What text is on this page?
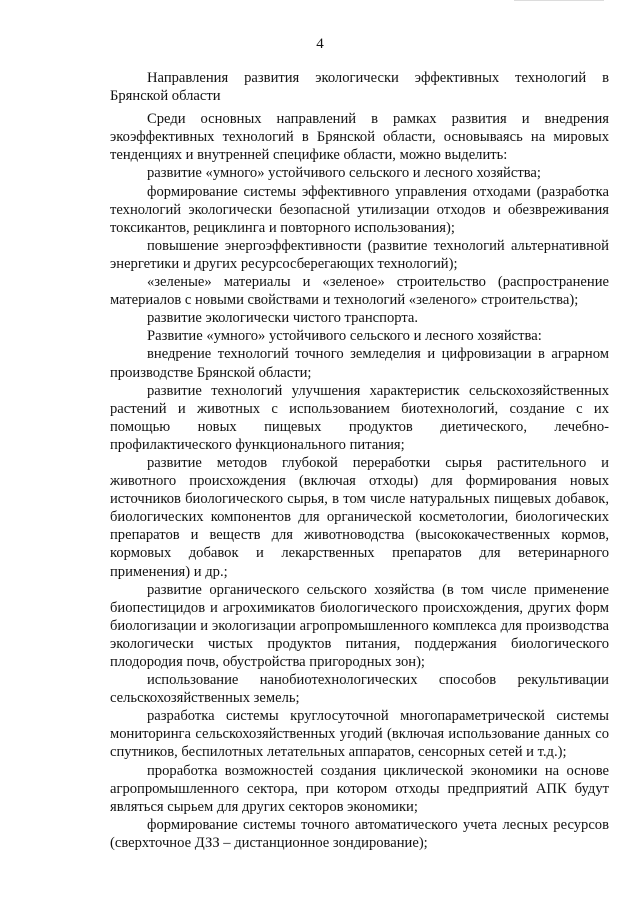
4

Направления развития экологически эффективных технологий в Брянской области

Среди основных направлений в рамках развития и внедрения экоэффективных технологий в Брянской области, основываясь на мировых тенденциях и внутренней специфике области, можно выделить:

развитие «умного» устойчивого сельского и лесного хозяйства;

формирование системы эффективного управления отходами (разработка технологий экологически безопасной утилизации отходов и обезвреживания токсикантов, рециклинга и повторного использования);

повышение энергоэффективности (развитие технологий альтернативной энергетики и других ресурсосберегающих технологий);

«зеленые» материалы и «зеленое» строительство (распространение материалов с новыми свойствами и технологий «зеленого» строительства);

развитие экологически чистого транспорта.

Развитие «умного» устойчивого сельского и лесного хозяйства:

внедрение технологий точного земледелия и цифровизации в аграрном производстве Брянской области;

развитие технологий улучшения характеристик сельскохозяйственных растений и животных с использованием биотехнологий, создание с их помощью новых пищевых продуктов диетического, лечебно-профилактического функционального питания;

развитие методов глубокой переработки сырья растительного и животного происхождения (включая отходы) для формирования новых источников биологического сырья, в том числе натуральных пищевых добавок, биологических компонентов для органической косметологии, биологических препаратов и веществ для животноводства (высококачественных кормов, кормовых добавок и лекарственных препаратов для ветеринарного применения) и др.;

развитие органического сельского хозяйства (в том числе применение биопестицидов и агрохимикатов биологического происхождения, других форм биологизации и экологизации агропромышленного комплекса для производства экологически чистых продуктов питания, поддержания биологического плодородия почв, обустройства пригородных зон);

использование нанобиотехнологических способов рекультивации сельскохозяйственных земель;

разработка системы круглосуточной многопараметрической системы мониторинга сельскохозяйственных угодий (включая использование данных со спутников, беспилотных летательных аппаратов, сенсорных сетей и т.д.);

проработка возможностей создания циклической экономики на основе агропромышленного сектора, при котором отходы предприятий АПК будут являться сырьем для других секторов экономики;

формирование системы точного автоматического учета лесных ресурсов (сверхточное ДЗЗ – дистанционное зондирование);
